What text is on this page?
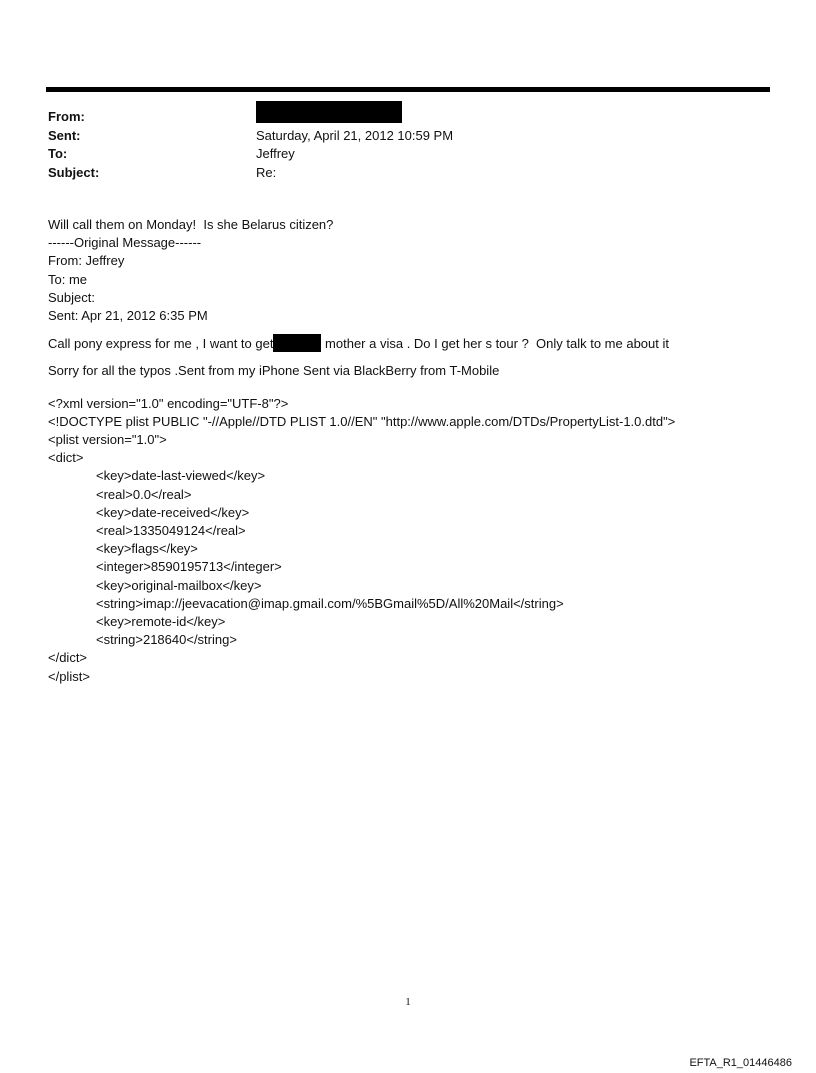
From:
Sent:	Saturday, April 21, 2012 10:59 PM
To:	Jeffrey
Subject:	Re:

Will call them on Monday!  Is she Belarus citizen?

------Original Message------

From: Jeffrey

To: me

Subject:

Sent: Apr 21, 2012 6:35 PM

Call pony express for me , I want to get	mother a visa . Do I get her s tour ?  Only talk to me about it

Sorry for all the typos .Sent from my iPhone Sent via BlackBerry from T-Mobile

<?xml version="1.0" encoding="UTF-8"?>

<!DOCTYPE plist PUBLIC "-//Apple//DTD PLIST 1.0//EN" "http://www.apple.com/DTDs/PropertyList-1.0.dtd">

<plist version="1.0">

<dict>

<key>date-last-viewed</key>

<real>0.0</real>

<key>date-received</key>

<real>1335049124</real>

<key>flags</key>

<integer>8590195713</integer>

<key>original-mailbox</key>

<string>imap://jeevacation@imap.gmail.com/%5BGmail%5D/All%20Mail</string>

<key>remote-id</key>

<string>218640</string>

</dict>

</plist>

1
EFTA_R1_01446486
